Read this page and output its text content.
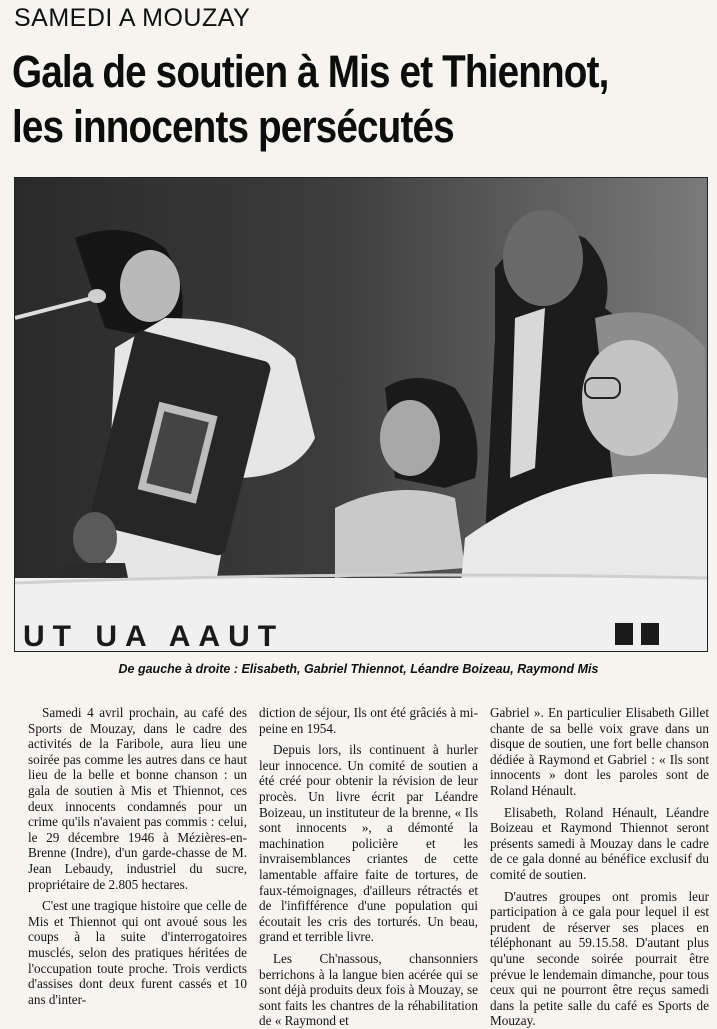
SAMEDI A MOUZAY
Gala de soutien à Mis et Thiennot,
les innocents persécutés
UT UA AAUT
De gauche à droite : Elisabeth, Gabriel Thiennot, Léandre Boizeau, Raymond Mis

Samedi 4 avril prochain, au café des Sports de Mouzay, dans le cadre des activités de la Faribole, aura lieu une soirée pas comme les autres dans ce haut lieu de la belle et bonne chanson : un gala de soutien à Mis et Thiennot, ces deux innocents condamnés pour un crime qu'ils n'avaient pas commis : celui, le 29 décembre 1946 à Mézières-en-Brenne (Indre), d'un garde-chasse de M. Jean Lebaudy, industriel du sucre, propriétaire de 2.805 hectares.

C'est une tragique histoire que celle de Mis et Thiennot qui ont avoué sous les coups à la suite d'interrogatoires musclés, selon des pratiques héritées de l'occupation toute proche. Trois verdicts d'assises dont deux furent cassés et 10 ans d'inter-

diction de séjour, Ils ont été grâciés à mi-peine en 1954.

Depuis lors, ils continuent à hurler leur innocence. Un comité de soutien a été créé pour obtenir la révision de leur procès. Un livre écrit par Léandre Boizeau, un instituteur de la brenne, « Ils sont innocents », a démonté la machination policière et les invraisemblances criantes de cette lamentable affaire faite de tortures, de faux-témoignages, d'ailleurs rétractés et de l'infifférence d'une population qui écoutait les cris des torturés. Un beau, grand et terrible livre.

Les Ch'nassous, chansonniers berrichons à la langue bien acérée qui se sont déjà produits deux fois à Mouzay, se sont faits les chantres de la réhabilitation de « Raymond et

Gabriel ». En particulier Elisabeth Gillet chante de sa belle voix grave dans un disque de soutien, une fort belle chanson dédiée à Raymond et Gabriel : « Ils sont innocents » dont les paroles sont de Roland Hénault.

Elisabeth, Roland Hénault, Léandre Boizeau et Raymond Thiennot seront présents samedi à Mouzay dans le cadre de ce gala donné au bénéfice exclusif du comité de soutien.

D'autres groupes ont promis leur participation à ce gala pour lequel il est prudent de réserver ses places en téléphonant au 59.15.58. D'autant plus qu'une seconde soirée pourrait être prévue le lendemain dimanche, pour tous ceux qui ne pourront être reçus samedi dans la petite salle du café es Sports de Mouzay.
